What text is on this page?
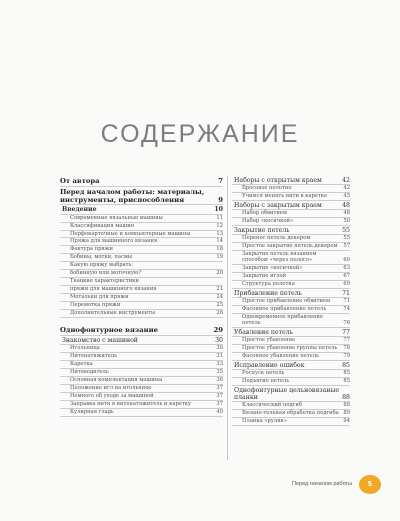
СОДЕРЖАНИЕ
От автора	7
Перед началом работы: материалы, инструменты, приспособления	9
Введение	10
Современные вязальные машины	11
Классификация машин	12
Перфокарточные и компьютерные машины	13
Пряжа для машинного вязания	14
Фактура пряжи	18
Бобины, мотки, пасмы	19
Какую пряжу выбрать:
бобинную или моточную?	20
Ткацкие характеристики
пряжи для машинного вязания	21
Мотальки для пряжи	24
Перемотка пряжи	25
Дополнительные инструменты	26
Однофонтурное вязание	29
Знакомство с машиной	30
Игольница	30
Нитенатяжитель	31
Каретка	33
Нитеводитель	35
Основная комплектация машины	36
Положение игл на игольнице	37
Немного об уходе за машиной	37
Заправка нити в нитенатяжитель и каретку	37
Кулирная гладь	40
Наборы с открытым краем	42
Бросовое полотно	42
Учимся менять нити в каретке	45
Наборы с закрытым краем	48
Набор обвитием	48
Набор «косичкой»	50
Закрытие петель	55
Перенос петель декером	55
Простое закрытие петель декером	57
Закрытие петель вязанием способом «через полого»	60
Закрытие «косичкой»	63
Закрытие иглой	67
Структура полотна	69
Прибавление петель	71
Простое прибавление обвитием	71
Фасонное прибавление петель	74
Одновременное прибавление петель	76
Убавление петель	77
Простое убавление	77
Простое убавление группы петель	78
Фасонное убавление петель	79
Исправление ошибок	85
Роспуск петель	85
Подъятие петель	85
Однофонтурные цельновязаные планки	88
Классический подгиб	88
Вязано-тельная обработка подгиба 89
Планка «рулик»	94
Перед началом работы	5
